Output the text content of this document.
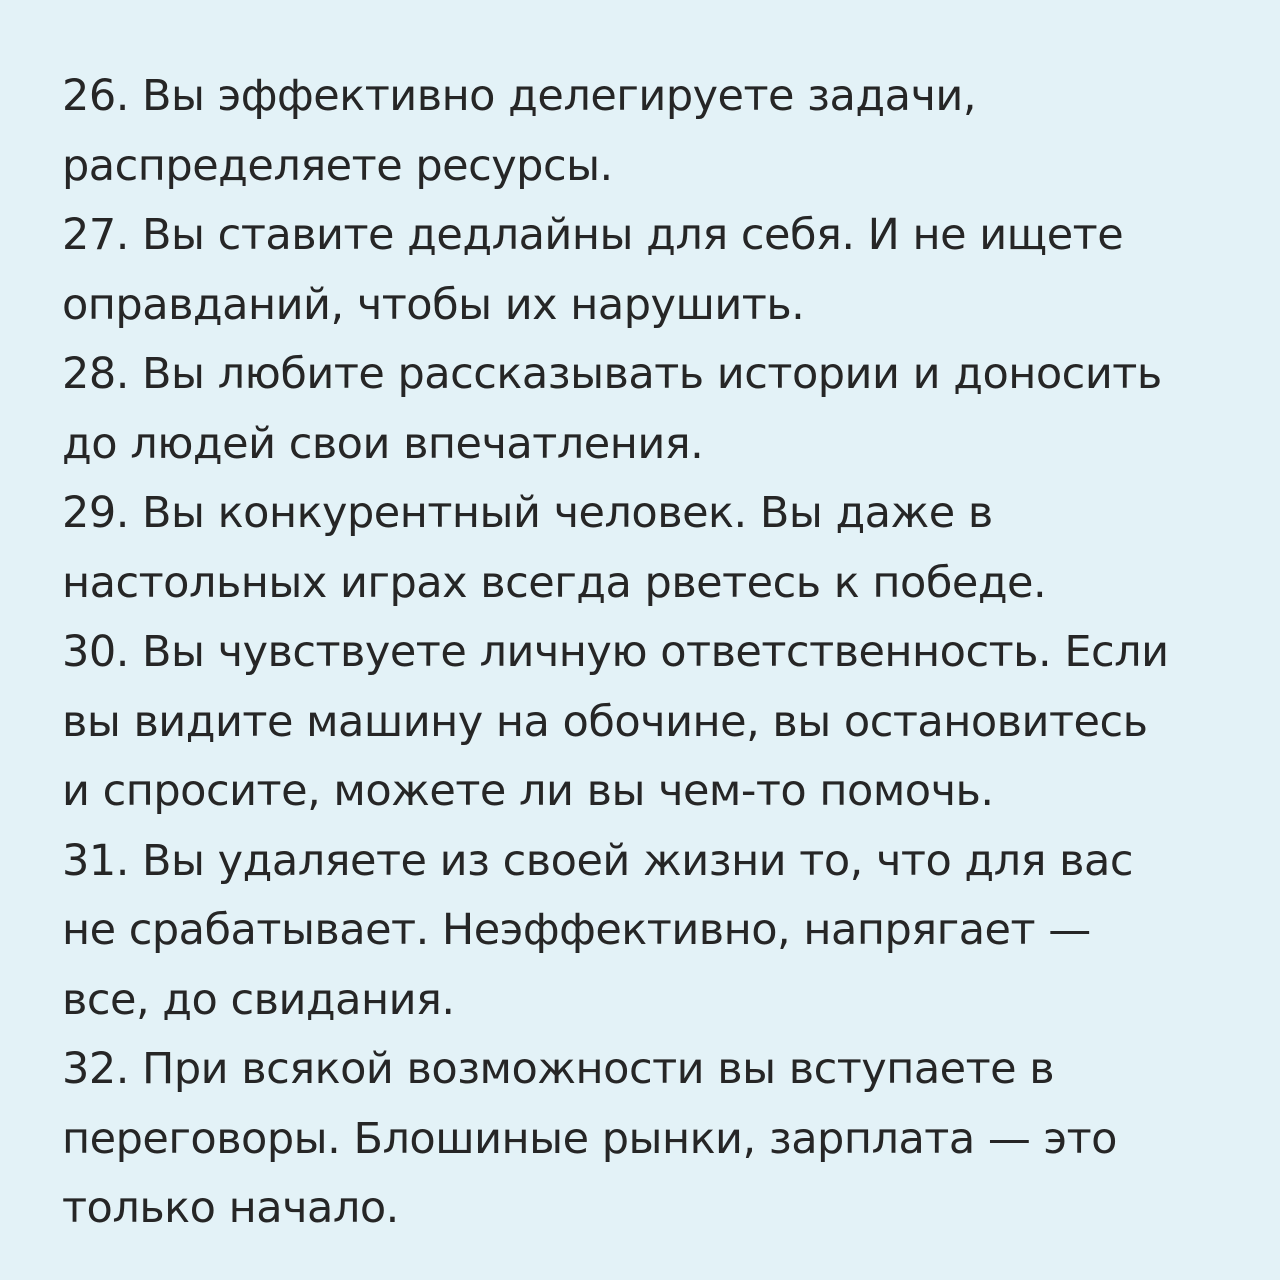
26. Вы эффективно делегируете задачи,
распределяете ресурсы.
27. Вы ставите дедлайны для себя. И не ищете
оправданий, чтобы их нарушить.
28. Вы любите рассказывать истории и доносить
до людей свои впечатления.
29. Вы конкурентный человек. Вы даже в
настольных играх всегда рветесь к победе.
30. Вы чувствуете личную ответственность. Если
вы видите машину на обочине, вы остановитесь
и спросите, можете ли вы чем-то помочь.
31. Вы удаляете из своей жизни то, что для вас
не срабатывает. Неэффективно, напрягает —
все, до свидания.
32. При всякой возможности вы вступаете в
переговоры. Блошиные рынки, зарплата — это
только начало.
